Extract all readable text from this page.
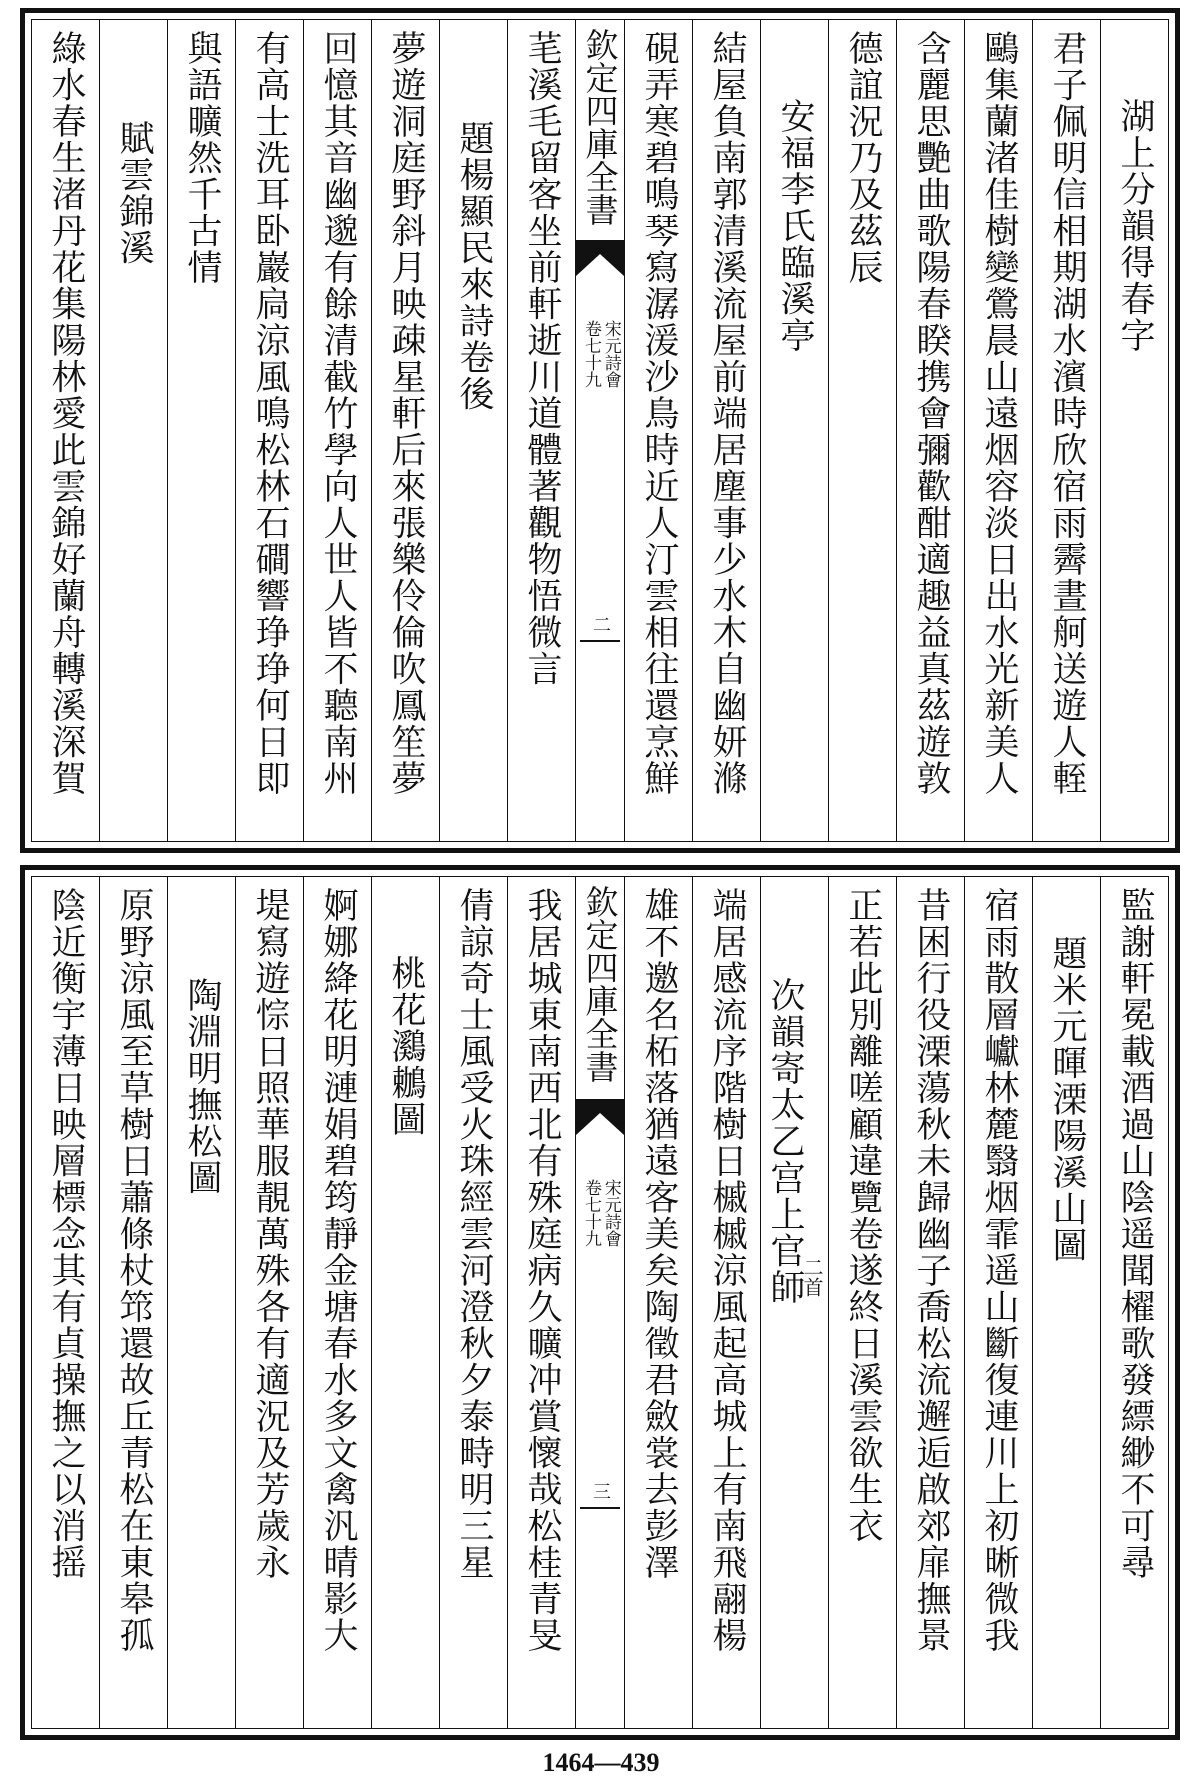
湖上分韻得春字
君子佩明信相期湖水濱時欣宿雨霽晝舸送遊人輊
鷗集蘭渚佳樹變鶯晨山遠烟容淡日出水光新美人
含麗思艷曲歌陽春睽携會彌歡酣適趣益真茲遊敦
德誼況乃及茲辰
安福李氏臨溪亭
結屋負南郭清溪流屋前端居塵事少水木自幽妍滌
硯弄寒碧鳴琴寫潺湲沙鳥時近人汀雲相往還烹鮮
欽定四庫全書
宋元詩會
卷七十九
二
芼溪毛留客坐前軒逝川道體著觀物悟微言
題楊顯民來詩卷後
夢遊洞庭野斜月映疎星軒后來張樂伶倫吹鳳笙夢
回憶其音幽邈有餘清截竹學向人世人皆不聽南州
有高士洗耳卧巖扃涼風鳴松林石磵響琤琤何日即
與語曠然千古情
賦雲錦溪
綠水春生渚丹花集陽林愛此雲錦好蘭舟轉溪深賀
監謝軒冕載酒過山陰遥聞櫂歌發縹緲不可尋
題米元暉溧陽溪山圖
宿雨散層巘林麓翳烟霏遥山斷復連川上初晰微我
昔困行役溧蕩秋未歸幽子喬松流邂逅啟郊扉撫景
正若此別離嗟顧違覽卷遂終日溪雲欲生衣
次韻寄太乙宫上官師
二首
端居感流序階樹日槭槭涼風起高城上有南飛翮楊
雄不邀名柘落猶遠客美矣陶徵君斂裳去彭澤
欽定四庫全書
宋元詩會
卷七十九
三
我居城東南西北有殊庭病久曠冲賞懷哉松桂青旻
倩諒奇士風受火珠經雲河澄秋夕泰畤明三星
桃花鸂鶒圖
婀娜絳花明漣娟碧筠靜金塘春水多文禽汎晴影大
堤寫遊悰日照華服靚萬殊各有適況及芳歲永
陶淵明撫松圖
原野涼風至草樹日蕭條杖筇還故丘青松在東皋孤
陰近衡宇薄日映層標念其有貞操撫之以消摇
1464—439
